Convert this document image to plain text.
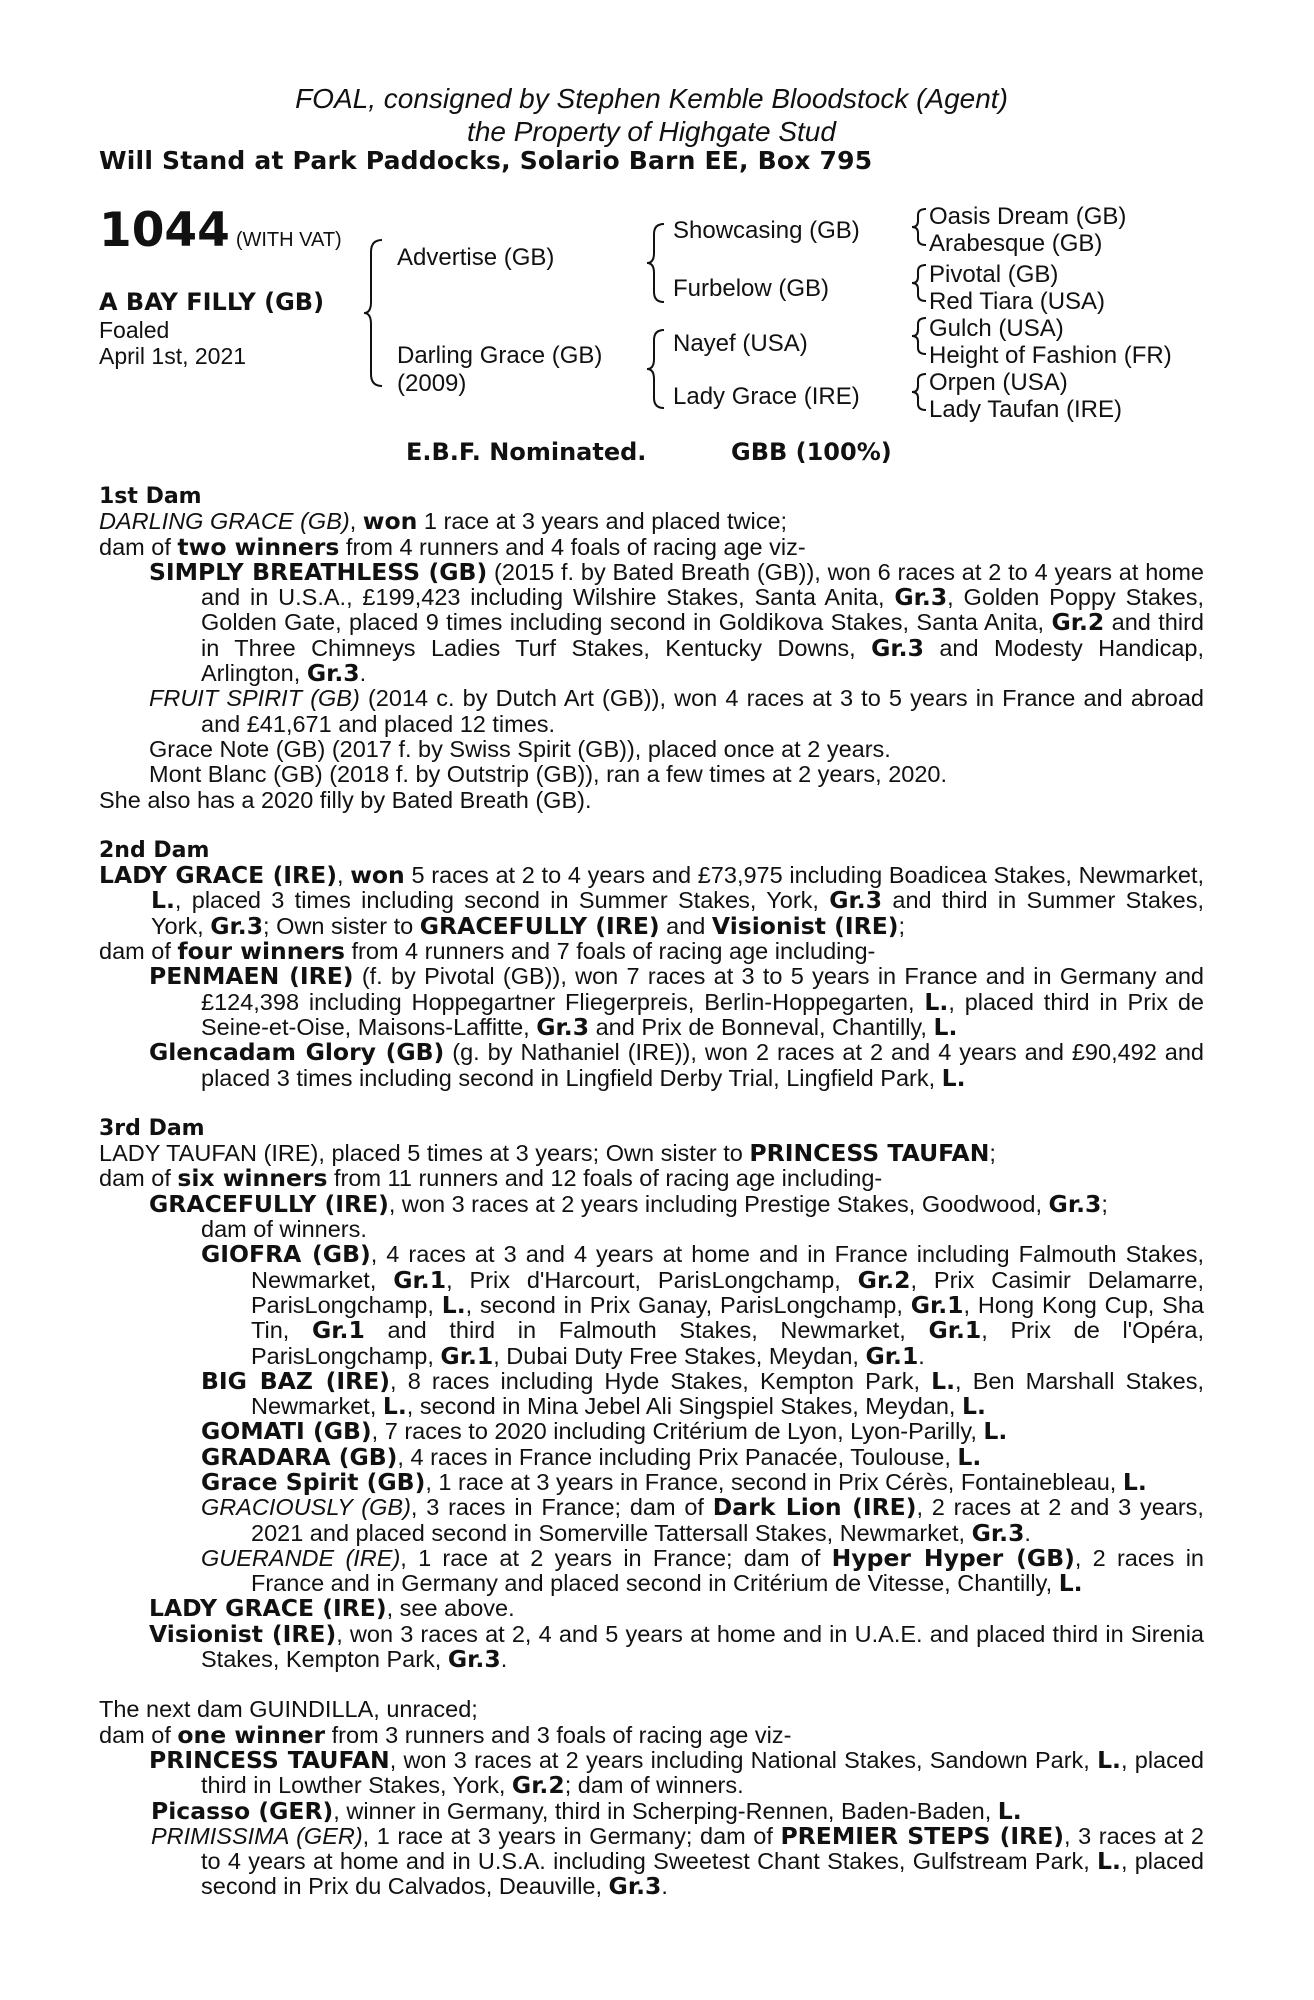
FOAL, consigned by Stephen Kemble Bloodstock (Agent)
the Property of Highgate Stud
Will Stand at Park Paddocks, Solario Barn EE, Box 795
1044 (WITH VAT)
A BAY FILLY (GB)
Foaled
April 1st, 2021
Advertise (GB)
Darling Grace (GB)
(2009)
Showcasing (GB)
Furbelow (GB)
Nayef (USA)
Lady Grace (IRE)
Oasis Dream (GB)
Arabesque (GB)
Pivotal (GB)
Red Tiara (USA)
Gulch (USA)
Height of Fashion (FR)
Orpen (USA)
Lady Taufan (IRE)
E.B.F. Nominated.	GBB (100%)

1st Dam

DARLING GRACE (GB), won 1 race at 3 years and placed twice;

dam of two winners from 4 runners and 4 foals of racing age viz-

SIMPLY BREATHLESS (GB) (2015 f. by Bated Breath (GB)), won 6 races at 2 to 4 years at home and in U.S.A., £199,423 including Wilshire Stakes, Santa Anita, Gr.3, Golden Poppy Stakes, Golden Gate, placed 9 times including second in Goldikova Stakes, Santa Anita, Gr.2 and third in Three Chimneys Ladies Turf Stakes, Kentucky Downs, Gr.3 and Modesty Handicap, Arlington, Gr.3.

FRUIT SPIRIT (GB) (2014 c. by Dutch Art (GB)), won 4 races at 3 to 5 years in France and abroad and £41,671 and placed 12 times.

Grace Note (GB) (2017 f. by Swiss Spirit (GB)), placed once at 2 years.

Mont Blanc (GB) (2018 f. by Outstrip (GB)), ran a few times at 2 years, 2020.

She also has a 2020 filly by Bated Breath (GB).

2nd Dam

LADY GRACE (IRE), won 5 races at 2 to 4 years and £73,975 including Boadicea Stakes, Newmarket, L., placed 3 times including second in Summer Stakes, York, Gr.3 and third in Summer Stakes, York, Gr.3; Own sister to GRACEFULLY (IRE) and Visionist (IRE);

dam of four winners from 4 runners and 7 foals of racing age including-

PENMAEN (IRE) (f. by Pivotal (GB)), won 7 races at 3 to 5 years in France and in Germany and £124,398 including Hoppegartner Fliegerpreis, Berlin-Hoppegarten, L., placed third in Prix de Seine-et-Oise, Maisons-Laffitte, Gr.3 and Prix de Bonneval, Chantilly, L.

Glencadam Glory (GB) (g. by Nathaniel (IRE)), won 2 races at 2 and 4 years and £90,492 and placed 3 times including second in Lingfield Derby Trial, Lingfield Park, L.

3rd Dam

LADY TAUFAN (IRE), placed 5 times at 3 years; Own sister to PRINCESS TAUFAN;

dam of six winners from 11 runners and 12 foals of racing age including-

GRACEFULLY (IRE), won 3 races at 2 years including Prestige Stakes, Goodwood, Gr.3;

dam of winners.

GIOFRA (GB), 4 races at 3 and 4 years at home and in France including Falmouth Stakes, Newmarket, Gr.1, Prix d'Harcourt, ParisLongchamp, Gr.2, Prix Casimir Delamarre, ParisLongchamp, L., second in Prix Ganay, ParisLongchamp, Gr.1, Hong Kong Cup, Sha Tin, Gr.1 and third in Falmouth Stakes, Newmarket, Gr.1, Prix de l'Opéra, ParisLongchamp, Gr.1, Dubai Duty Free Stakes, Meydan, Gr.1.

BIG BAZ (IRE), 8 races including Hyde Stakes, Kempton Park, L., Ben Marshall Stakes, Newmarket, L., second in Mina Jebel Ali Singspiel Stakes, Meydan, L.

GOMATI (GB), 7 races to 2020 including Critérium de Lyon, Lyon-Parilly, L.

GRADARA (GB), 4 races in France including Prix Panacée, Toulouse, L.

Grace Spirit (GB), 1 race at 3 years in France, second in Prix Cérès, Fontainebleau, L.

GRACIOUSLY (GB), 3 races in France; dam of Dark Lion (IRE), 2 races at 2 and 3 years, 2021 and placed second in Somerville Tattersall Stakes, Newmarket, Gr.3.

GUERANDE (IRE), 1 race at 2 years in France; dam of Hyper Hyper (GB), 2 races in France and in Germany and placed second in Critérium de Vitesse, Chantilly, L.

LADY GRACE (IRE), see above.

Visionist (IRE), won 3 races at 2, 4 and 5 years at home and in U.A.E. and placed third in Sirenia Stakes, Kempton Park, Gr.3.

The next dam GUINDILLA, unraced;

dam of one winner from 3 runners and 3 foals of racing age viz-

PRINCESS TAUFAN, won 3 races at 2 years including National Stakes, Sandown Park, L., placed third in Lowther Stakes, York, Gr.2; dam of winners.

Picasso (GER), winner in Germany, third in Scherping-Rennen, Baden-Baden, L.

PRIMISSIMA (GER), 1 race at 3 years in Germany; dam of PREMIER STEPS (IRE), 3 races at 2 to 4 years at home and in U.S.A. including Sweetest Chant Stakes, Gulfstream Park, L., placed second in Prix du Calvados, Deauville, Gr.3.
